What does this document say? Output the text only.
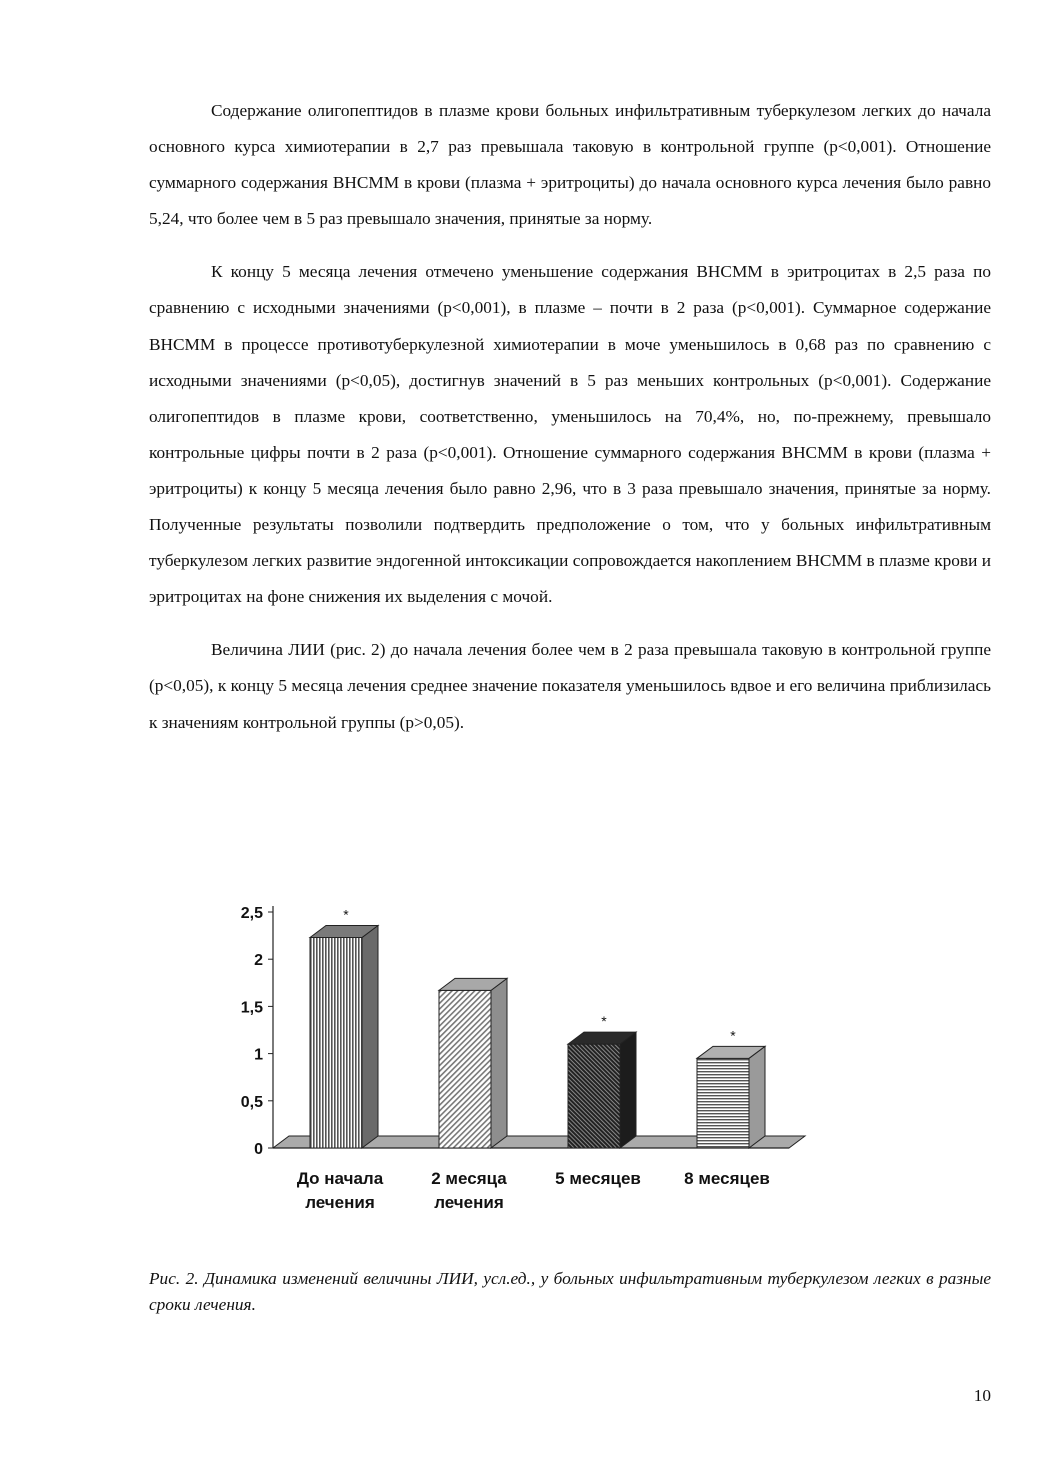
Содержание олигопептидов в плазме крови больных инфильтративным туберкулезом легких до начала основного курса химиотерапии в 2,7 раз превышала таковую в контрольной группе (p<0,001). Отношение суммарного содержания ВНСММ в крови (плазма + эритроциты) до начала основного курса лечения было равно 5,24, что более чем в 5 раз превышало значения, принятые за норму.

К концу 5 месяца лечения отмечено уменьшение содержания ВНСММ в эритроцитах в 2,5 раза по сравнению с исходными значениями (p<0,001), в плазме – почти в 2 раза (p<0,001). Суммарное содержание ВНСММ в процессе противотуберкулезной химиотерапии в моче уменьшилось в 0,68 раз по сравнению с исходными значениями (p<0,05), достигнув значений в 5 раз меньших контрольных (p<0,001). Содержание олигопептидов в плазме крови, соответственно, уменьшилось на 70,4%, но, по-прежнему, превышало контрольные цифры почти в 2 раза (p<0,001). Отношение суммарного содержания ВНСММ в крови (плазма + эритроциты) к концу 5 месяца лечения было равно 2,96, что в 3 раза превышало значения, принятые за норму. Полученные результаты позволили подтвердить предположение о том, что у больных инфильтративным туберкулезом легких развитие эндогенной интоксикации сопровождается накоплением ВНСММ в плазме крови и эритроцитах на фоне снижения их выделения с мочой.

Величина ЛИИ (рис. 2) до начала лечения более чем в 2 раза превышала таковую в контрольной группе (p<0,05), к концу 5 месяца лечения среднее значение показателя уменьшилось вдвое и его величина приблизилась к значениям контрольной группы (p>0,05).

0
0,5
1
1,5
2
2,5	*
*
*
До начала
лечения
2 месяца
лечения
5 месяцев	8 месяцев

Рис. 2. Динамика изменений величины ЛИИ, усл.ед., у больных инфильтративным туберкулезом легких в разные сроки лечения.

10
